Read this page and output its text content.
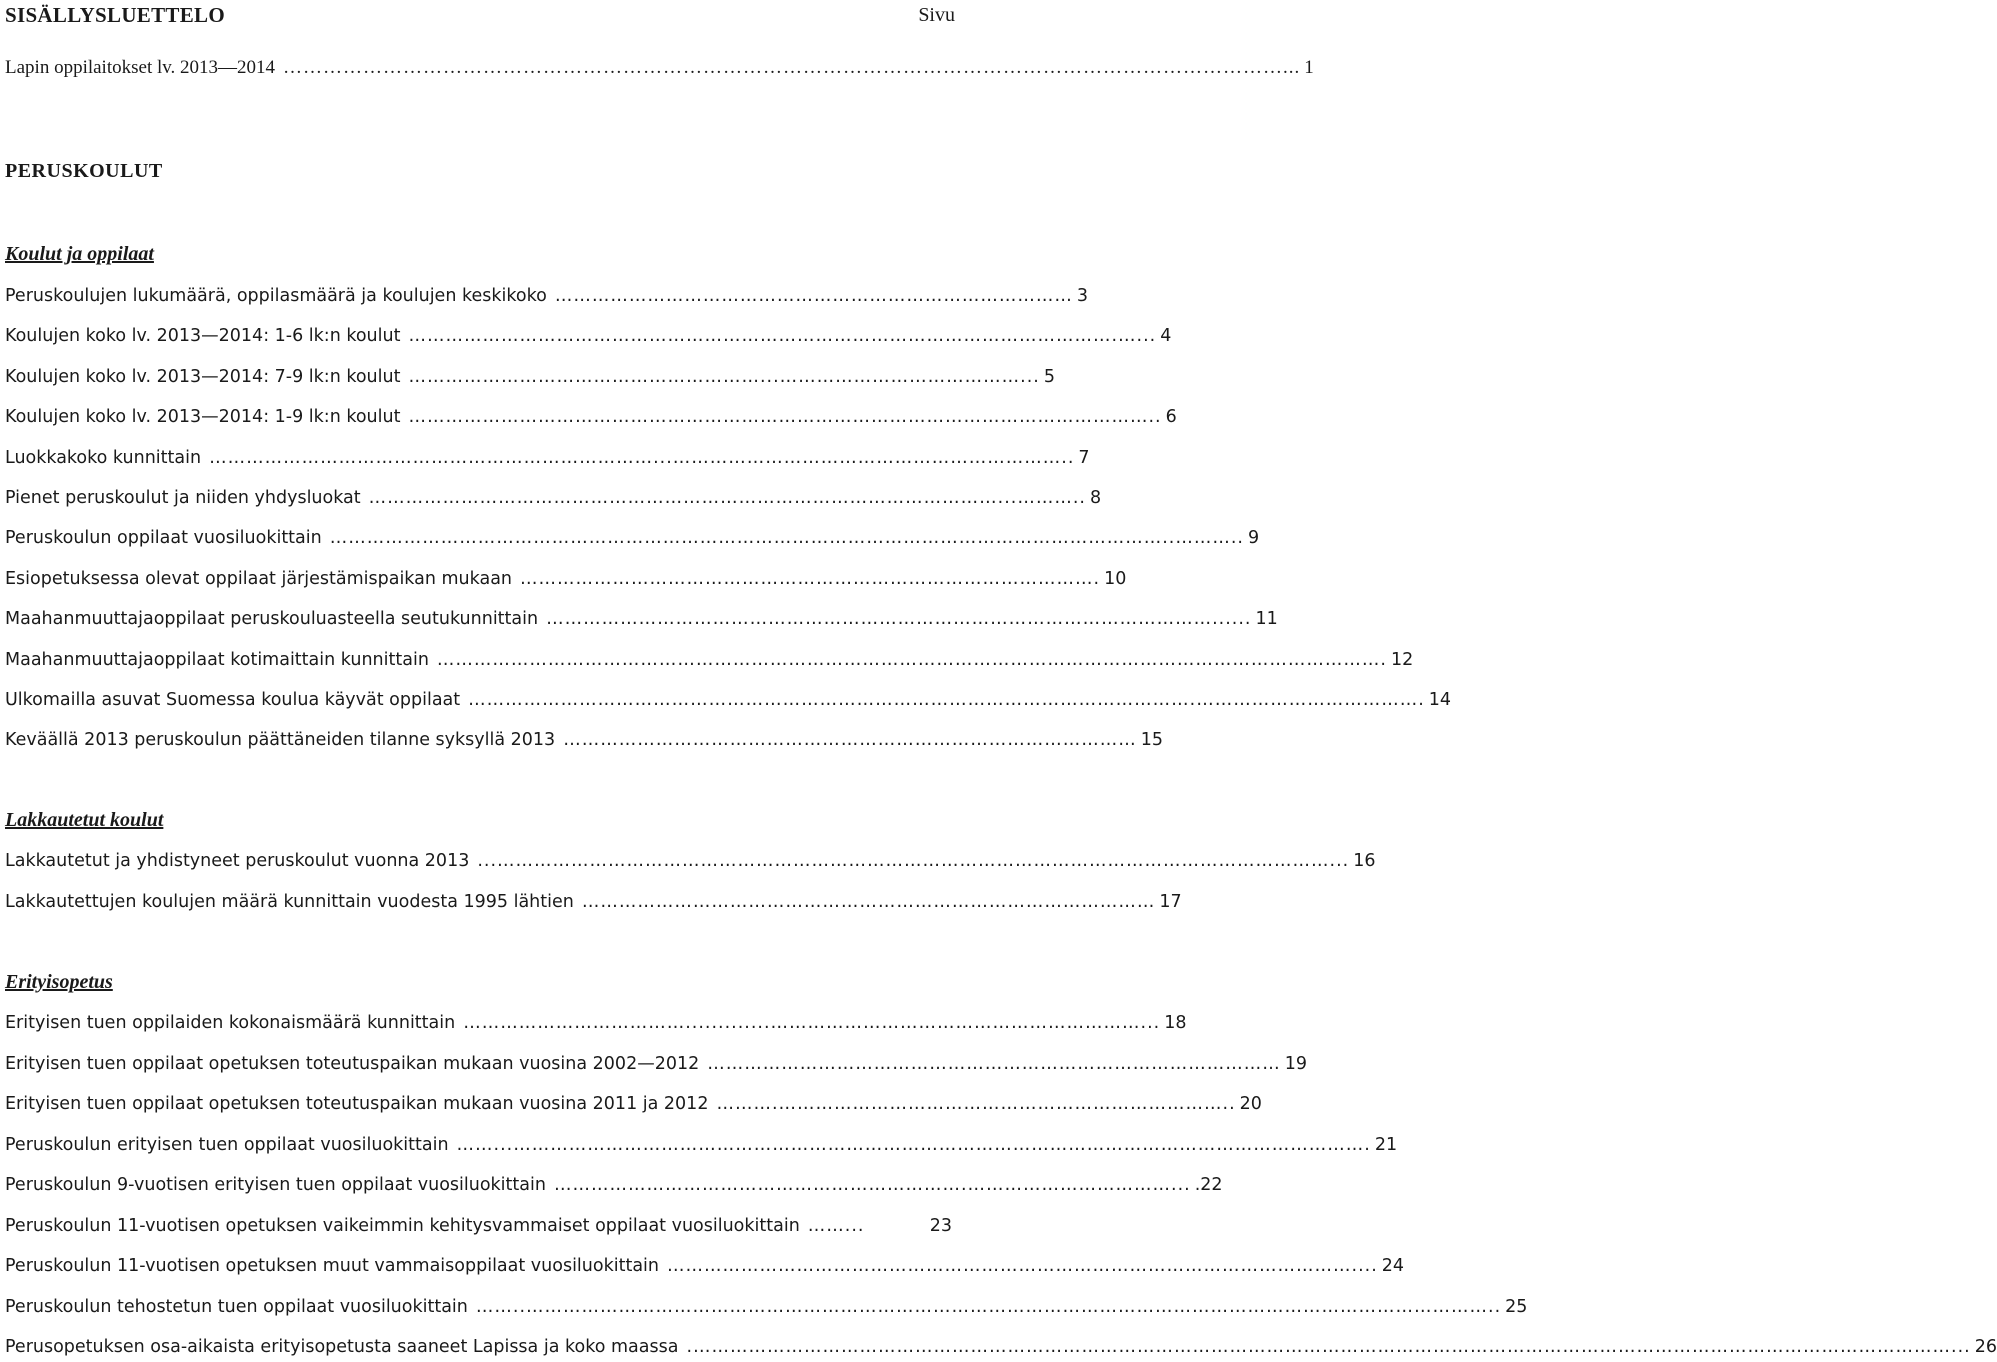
SISÄLLYSLUETTELO	Sivu
Lapin oppilaitokset lv. 2013—2014 ……………………………………………………………………………………………………………………………………... 1
PERUSKOULUT
Koulut ja oppilaat
Peruskoulujen lukumäärä, oppilasmäärä ja koulujen keskikoko ………………………………………………………………………… 3
Koulujen koko lv. 2013—2014: 1-6 lk:n koulut …………………………………………………………………………………………………….…... 4
Koulujen koko lv. 2013—2014: 7-9 lk:n koulut …………………………………………………...…………………………………... 5
Koulujen koko lv. 2013—2014: 1-9 lk:n koulut ………………………………………………………………………………………………………….. 6
Luokkakoko kunnittain ………………………………………………………………...……………………………………………………….. 7
Pienet peruskoulut ja niiden yhdysluokat …………………………………………………………………………………………...……….. 8
Peruskoulun oppilaat vuosiluokittain ………………………………………………………………………………………………………………………..……….. 9
Esiopetuksessa olevat oppilaat järjestämispaikan mukaan …………………………………………………………………………………. 10
Maahanmuuttajaoppilaat peruskouluasteella seutukunnittain ………………………………………………………………………………………………...... 11
Maahanmuuttajaoppilaat kotimaittain kunnittain ………………………………………………………………………………………………………………………………………. 12
Ulkomailla asuvat Suomessa koulua käyvät oppilaat ……………………………………………………………………………………………………….………………………………. 14
Keväällä 2013 peruskoulun päättäneiden tilanne syksyllä 2013 ………………………………………………………………………………… 15
Lakkautetut koulut
Lakkautetut ja yhdistyneet peruskoulut vuonna 2013 ...………………………………………………………………………………………………………………………... 16
Lakkautettujen koulujen määrä kunnittain vuodesta 1995 lähtien ………………………………………………………………………………… 17
Erityisopetus
Erityisen tuen oppilaiden kokonaismäärä kunnittain ……………………………….............……………………………………………………... 18
Erityisen tuen oppilaat opetuksen toteutuspaikan mukaan vuosina 2002—2012 ………………………………………………………………………………… 19
Erityisen tuen oppilaat opetuksen toteutuspaikan mukaan vuosina 2011 ja 2012 ……….……………………………………………………………….. 20
Peruskoulun erityisen tuen oppilaat vuosiluokittain ……...…………………………………………………………………………………………………………………………. 21
Peruskoulun 9-vuotisen erityisen tuen oppilaat vuosiluokittain ………………………………………………………….……………………………... .22
Peruskoulun 11-vuotisen opetuksen vaikeimmin kehitysvammaiset oppilaat vuosiluokittain ……...	23
Peruskoulun 11-vuotisen opetuksen muut vammaisoppilaat vuosiluokittain ………………………………………………………………………………………………….... 24
Peruskoulun tehostetun tuen oppilaat vuosiluokittain ……..………………………………………………………………………………………………………………………………………….. 25
Perusopetuksen osa-aikaista erityisopetusta saaneet Lapissa ja koko maassa .……………………………………………………………………………………………………………………………………………………………………………………... 26
